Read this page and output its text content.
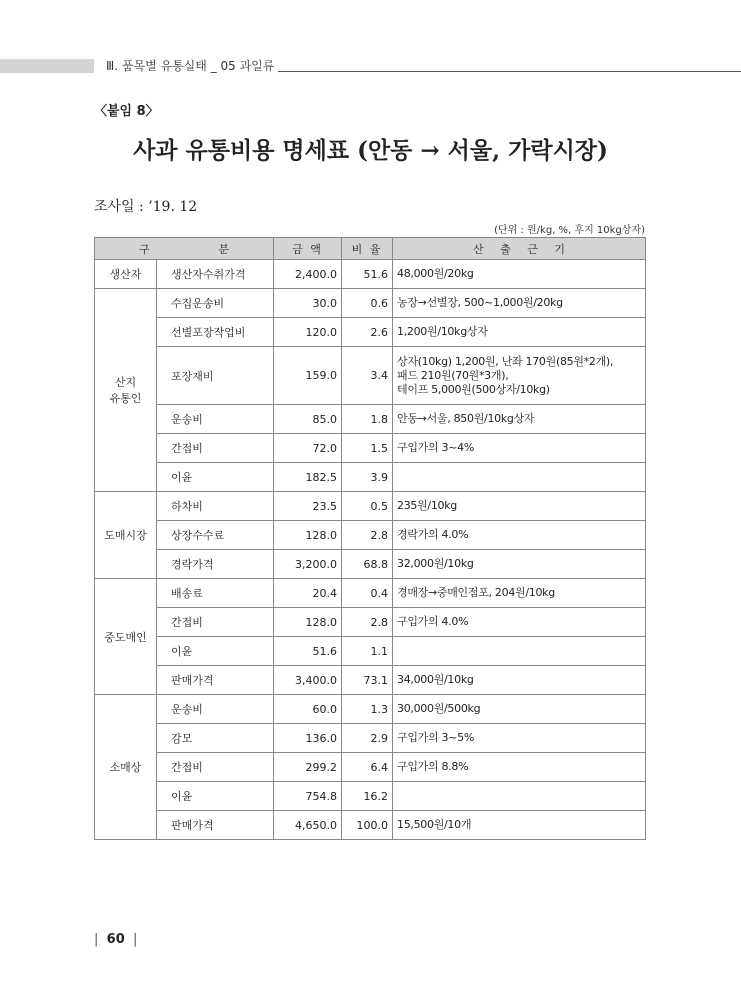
Ⅲ. 품목별 유통실태 _ 05 과일류
〈붙임 8〉
사과 유통비용 명세표 (안동 → 서울, 가락시장)
조사일 : ’19. 12
(단위 : 원/kg, %, 후지 10kg상자)
구 분		금 액	비 율	산 출 근 기
생산자	생산자수취가격	2,400.0	51.6	48,000원/20kg
산지
유통인	수집운송비	30.0	0.6	농장→선별장, 500~1,000원/20kg
	선별포장작업비	120.0	2.6	1,200원/10kg상자
	포장재비	159.0	3.4	상자(10kg) 1,200원, 난좌 170원(85원*2개),
패드 210원(70원*3개),
테이프 5,000원(500상자/10kg)
	운송비	85.0	1.8	안동→서울, 850원/10kg상자
	간접비	72.0	1.5	구입가의 3~4%
	이윤	182.5	3.9	
도매시장	하차비	23.5	0.5	235원/10kg
	상장수수료	128.0	2.8	경락가의 4.0%
	경락가격	3,200.0	68.8	32,000원/10kg
중도매인	배송료	20.4	0.4	경매장→중매인점포, 204원/10kg
	간접비	128.0	2.8	구입가의 4.0%
	이윤	51.6	1.1	
	판매가격	3,400.0	73.1	34,000원/10kg
소매상	운송비	60.0	1.3	30,000원/500kg
	감모	136.0	2.9	구입가의 3~5%
	간접비	299.2	6.4	구입가의 8.8%
	이윤	754.8	16.2	
	판매가격	4,650.0	100.0	15,500원/10개
|  60  |
